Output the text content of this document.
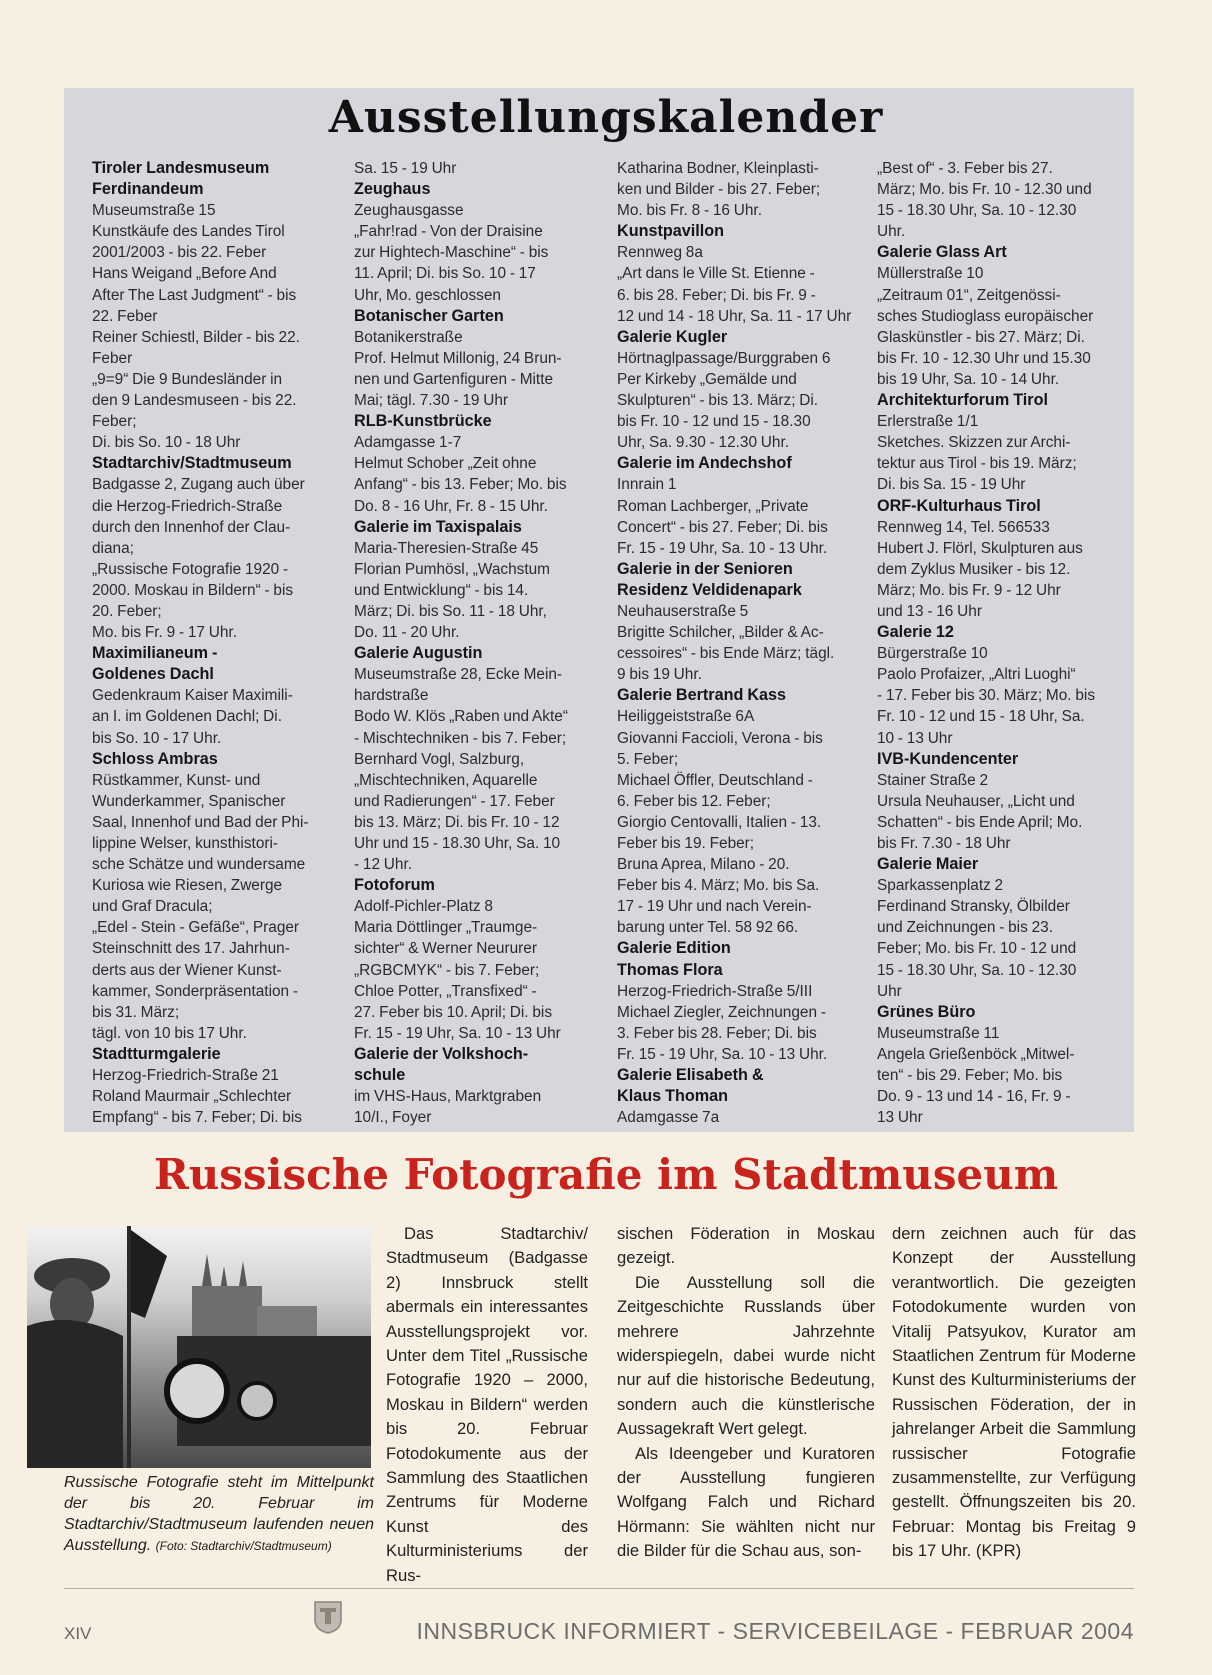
Ausstellungskalender
Tiroler Landesmuseum
Ferdinandeum
Museumstraße 15
Kunstkäufe des Landes Tirol
2001/2003 - bis 22. Feber
Hans Weigand „Before And
After The Last Judgment“ - bis
22. Feber
Reiner Schiestl, Bilder - bis 22.
Feber
„9=9“ Die 9 Bundesländer in
den 9 Landesmuseen - bis 22.
Feber;
Di. bis So. 10 - 18 Uhr
Stadtarchiv/Stadtmuseum
Badgasse 2, Zugang auch über
die Herzog-Friedrich-Straße
durch den Innenhof der Clau-
diana;
„Russische Fotografie 1920 -
2000. Moskau in Bildern“ - bis
20. Feber;
Mo. bis Fr. 9 - 17 Uhr.
Maximilianeum -
Goldenes Dachl
Gedenkraum Kaiser Maximili-
an I. im Goldenen Dachl; Di.
bis So. 10 - 17 Uhr.
Schloss Ambras
Rüstkammer, Kunst- und
Wunderkammer, Spanischer
Saal, Innenhof und Bad der Phi-
lippine Welser, kunsthistori-
sche Schätze und wundersame
Kuriosa wie Riesen, Zwerge
und Graf Dracula;
„Edel - Stein - Gefäße“, Prager
Steinschnitt des 17. Jahrhun-
derts aus der Wiener Kunst-
kammer, Sonderpräsentation -
bis 31. März;
tägl. von 10 bis 17 Uhr.
Stadtturmgalerie
Herzog-Friedrich-Straße 21
Roland Maurmair „Schlechter
Empfang“ - bis 7. Feber; Di. bis
Sa. 15 - 19 Uhr
Zeughaus
Zeughausgasse
„Fahr!rad - Von der Draisine
zur Hightech-Maschine“ - bis
11. April; Di. bis So. 10 - 17
Uhr, Mo. geschlossen
Botanischer Garten
Botanikerstraße
Prof. Helmut Millonig, 24 Brun-
nen und Gartenfiguren - Mitte
Mai; tägl. 7.30 - 19 Uhr
RLB-Kunstbrücke
Adamgasse 1-7
Helmut Schober „Zeit ohne
Anfang“ - bis 13. Feber; Mo. bis
Do. 8 - 16 Uhr, Fr. 8 - 15 Uhr.
Galerie im Taxispalais
Maria-Theresien-Straße 45
Florian Pumhösl, „Wachstum
und Entwicklung“ - bis 14.
März; Di. bis So. 11 - 18 Uhr,
Do. 11 - 20 Uhr.
Galerie Augustin
Museumstraße 28, Ecke Mein-
hardstraße
Bodo W. Klös „Raben und Akte“
- Mischtechniken - bis 7. Feber;
Bernhard Vogl, Salzburg,
„Mischtechniken, Aquarelle
und Radierungen“ - 17. Feber
bis 13. März; Di. bis Fr. 10 - 12
Uhr und 15 - 18.30 Uhr, Sa. 10
- 12 Uhr.
Fotoforum
Adolf-Pichler-Platz 8
Maria Döttlinger „Traumge-
sichter“ & Werner Neururer
„RGBCMYK“ - bis 7. Feber;
Chloe Potter, „Transfixed“ -
27. Feber bis 10. April; Di. bis
Fr. 15 - 19 Uhr, Sa. 10 - 13 Uhr
Galerie der Volkshoch-
schule
im VHS-Haus, Marktgraben
10/I., Foyer
Katharina Bodner, Kleinplasti-
ken und Bilder - bis 27. Feber;
Mo. bis Fr. 8 - 16 Uhr.
Kunstpavillon
Rennweg 8a
„Art dans le Ville St. Etienne -
6. bis 28. Feber; Di. bis Fr. 9 -
12 und 14 - 18 Uhr, Sa. 11 - 17 Uhr
Galerie Kugler
Hörtnaglpassage/Burggraben 6
Per Kirkeby „Gemälde und
Skulpturen“ - bis 13. März; Di.
bis Fr. 10 - 12 und 15 - 18.30
Uhr, Sa. 9.30 - 12.30 Uhr.
Galerie im Andechshof
Innrain 1
Roman Lachberger, „Private
Concert“ - bis 27. Feber; Di. bis
Fr. 15 - 19 Uhr, Sa. 10 - 13 Uhr.
Galerie in der Senioren
Residenz Veldidenapark
Neuhauserstraße 5
Brigitte Schilcher, „Bilder & Ac-
cessoires“ - bis Ende März; tägl.
9 bis 19 Uhr.
Galerie Bertrand Kass
Heiliggeiststraße 6A
Giovanni Faccioli, Verona - bis
5. Feber;
Michael Öffler, Deutschland -
6. Feber bis 12. Feber;
Giorgio Centovalli, Italien - 13.
Feber bis 19. Feber;
Bruna Aprea, Milano - 20.
Feber bis 4. März; Mo. bis Sa.
17 - 19 Uhr und nach Verein-
barung unter Tel. 58 92 66.
Galerie Edition
Thomas Flora
Herzog-Friedrich-Straße 5/III
Michael Ziegler, Zeichnungen -
3. Feber bis 28. Feber; Di. bis
Fr. 15 - 19 Uhr, Sa. 10 - 13 Uhr.
Galerie Elisabeth &
Klaus Thoman
Adamgasse 7a
„Best of“ - 3. Feber bis 27.
März; Mo. bis Fr. 10 - 12.30 und
15 - 18.30 Uhr, Sa. 10 - 12.30
Uhr.
Galerie Glass Art
Müllerstraße 10
„Zeitraum 01“, Zeitgenössi-
sches Studioglass europäischer
Glaskünstler - bis 27. März; Di.
bis Fr. 10 - 12.30 Uhr und 15.30
bis 19 Uhr, Sa. 10 - 14 Uhr.
Architekturforum Tirol
Erlerstraße 1/1
Sketches. Skizzen zur Archi-
tektur aus Tirol - bis 19. März;
Di. bis Sa. 15 - 19 Uhr
ORF-Kulturhaus Tirol
Rennweg 14, Tel. 566533
Hubert J. Flörl, Skulpturen aus
dem Zyklus Musiker - bis 12.
März; Mo. bis Fr. 9 - 12 Uhr
und 13 - 16 Uhr
Galerie 12
Bürgerstraße 10
Paolo Profaizer, „Altri Luoghi“
- 17. Feber bis 30. März; Mo. bis
Fr. 10 - 12 und 15 - 18 Uhr, Sa.
10 - 13 Uhr
IVB-Kundencenter
Stainer Straße 2
Ursula Neuhauser, „Licht und
Schatten“ - bis Ende April; Mo.
bis Fr. 7.30 - 18 Uhr
Galerie Maier
Sparkassenplatz 2
Ferdinand Stransky, Ölbilder
und Zeichnungen - bis 23.
Feber; Mo. bis Fr. 10 - 12 und
15 - 18.30 Uhr, Sa. 10 - 12.30
Uhr
Grünes Büro
Museumstraße 11
Angela Grießenböck „Mitwel-
ten“ - bis 29. Feber; Mo. bis
Do. 9 - 13 und 14 - 16, Fr. 9 -
13 Uhr
Russische Fotografie im Stadtmuseum
Russische Fotografie steht im Mittelpunkt der bis 20. Februar im Stadtarchiv/Stadtmuseum laufenden neuen Ausstellung. (Foto: Stadtarchiv/Stadtmuseum)

Das Stadtarchiv/ Stadtmuseum (Badgasse 2) Innsbruck stellt abermals ein interessantes Ausstellungsprojekt vor. Unter dem Titel „Russische Fotografie 1920 – 2000, Moskau in Bildern“ werden bis 20. Februar Fotodokumente aus der Sammlung des Staatlichen Zentrums für Moderne Kunst des Kulturministeriums der Rus-

sischen Föderation in Moskau gezeigt.

Die Ausstellung soll die Zeitgeschichte Russlands über mehrere Jahrzehnte widerspiegeln, dabei wurde nicht nur auf die historische Bedeutung, sondern auch die künstlerische Aussagekraft Wert gelegt.

Als Ideengeber und Kuratoren der Ausstellung fungieren Wolfgang Falch und Richard Hörmann: Sie wählten nicht nur die Bilder für die Schau aus, son-

dern zeichnen auch für das Konzept der Ausstellung verantwortlich. Die gezeigten Fotodokumente wurden von Vitalij Patsyukov, Kurator am Staatlichen Zentrum für Moderne Kunst des Kulturministeriums der Russischen Föderation, der in jahrelanger Arbeit die Sammlung russischer Fotografie zusammenstellte, zur Verfügung gestellt. Öffnungszeiten bis 20. Februar: Montag bis Freitag 9 bis 17 Uhr. (KPR)

XIV	INNSBRUCK INFORMIERT - SERVICEBEILAGE - FEBRUAR 2004
